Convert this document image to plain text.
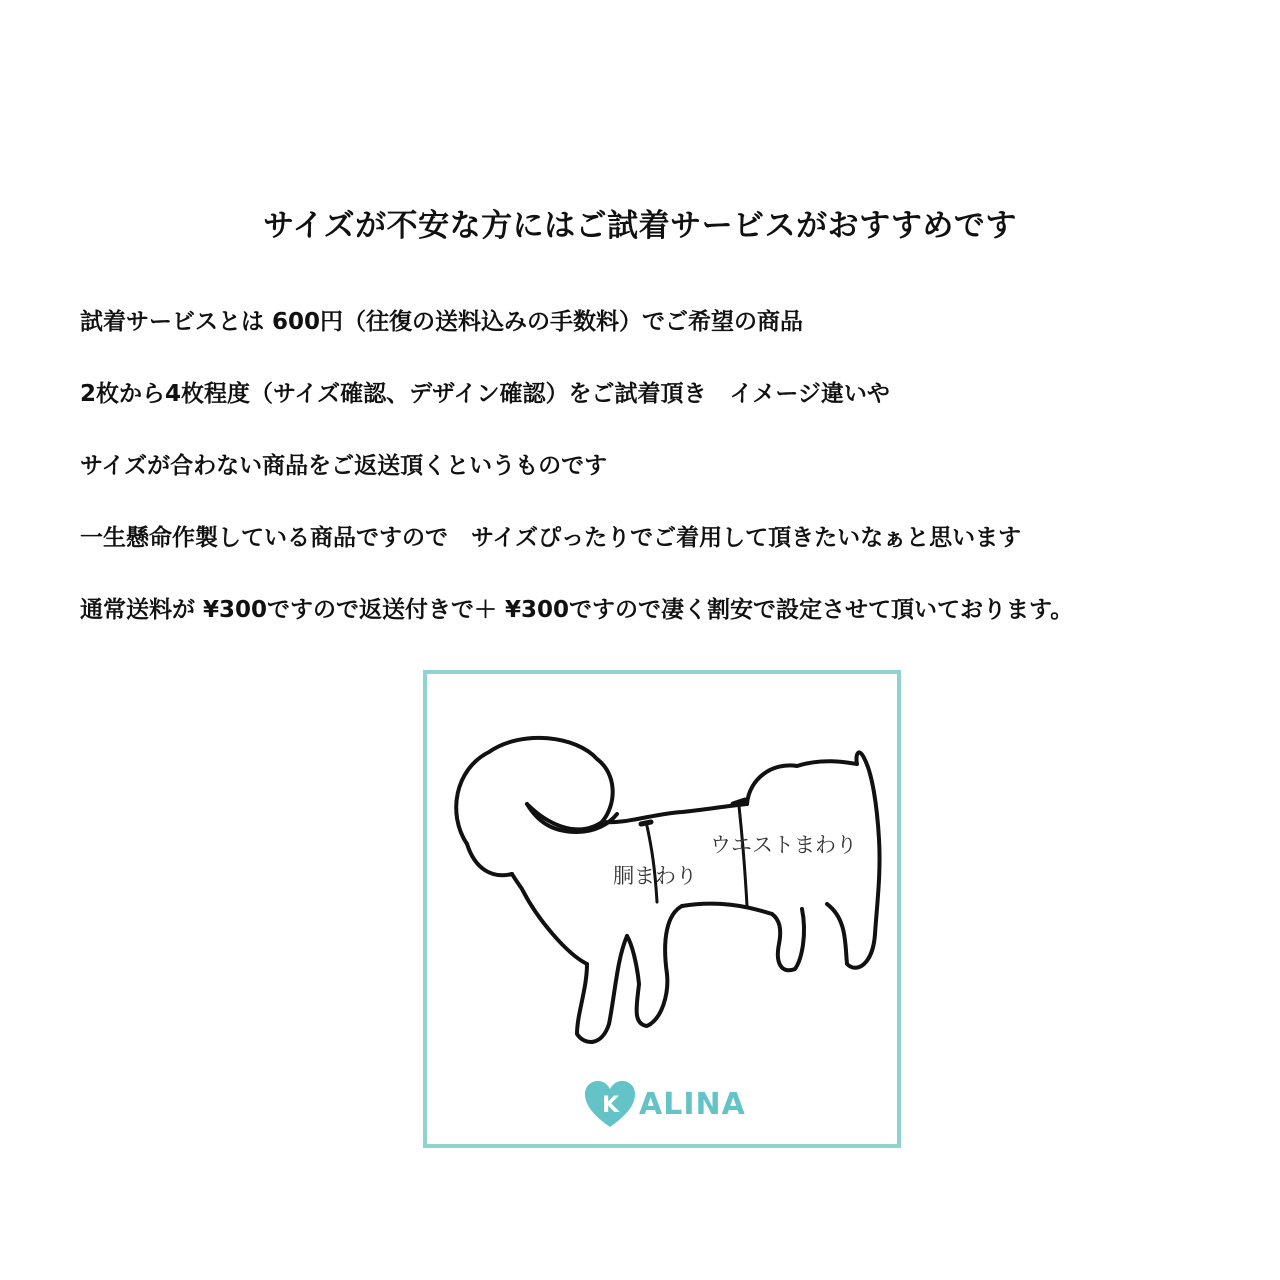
サイズが不安な方にはご試着サービスがおすすめです
試着サービスとは 600円（往復の送料込みの手数料）でご希望の商品
2枚から4枚程度（サイズ確認、デザイン確認）をご試着頂き　イメージ違いや
サイズが合わない商品をご返送頂くというものです
一生懸命作製している商品ですので　サイズぴったりでご着用して頂きたいなぁと思います
通常送料が ¥300ですので返送付きで＋ ¥300ですので凄く割安で設定させて頂いております。
ウエストまわり
胴まわり
K ALINA
